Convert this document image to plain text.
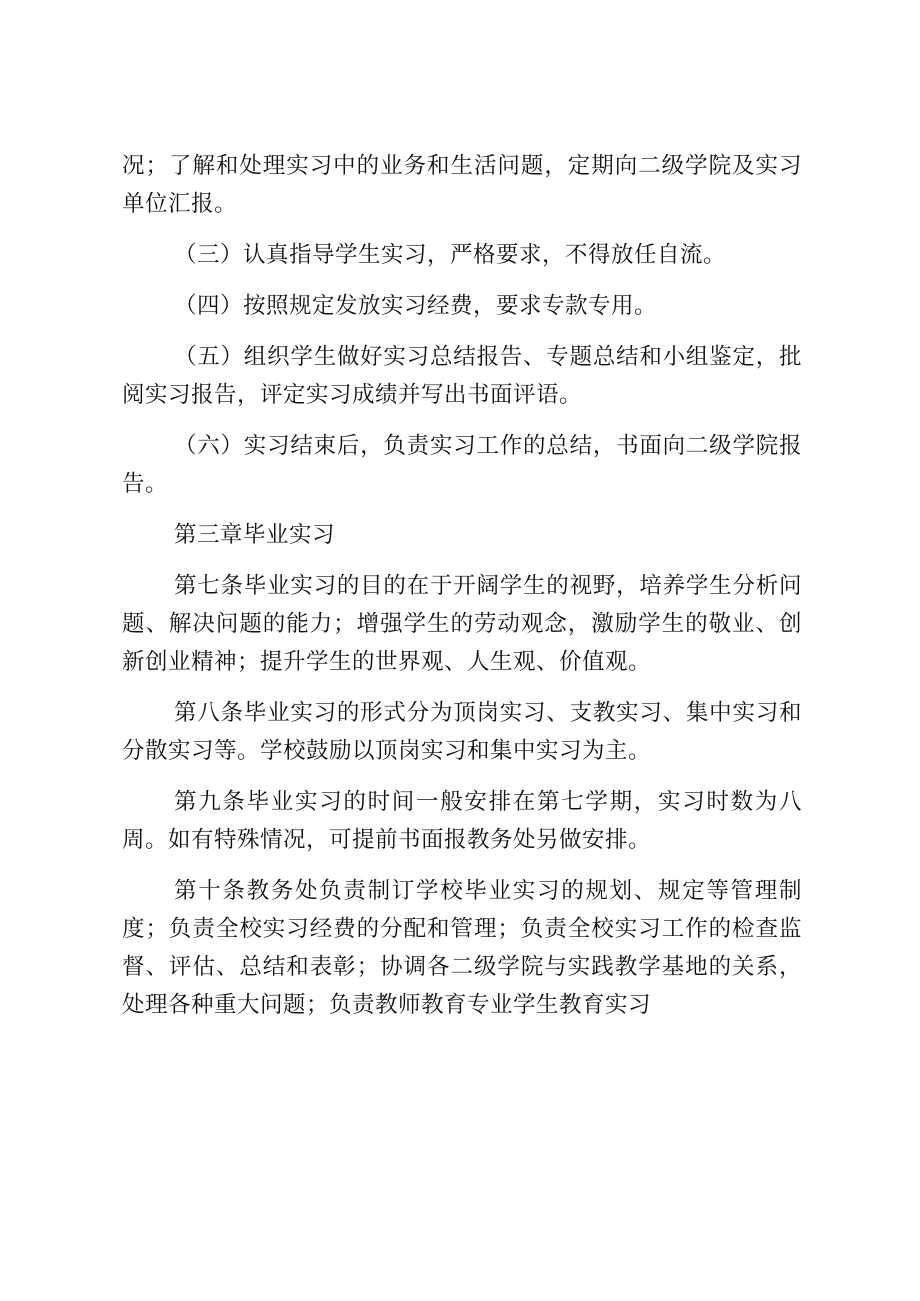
况；了解和处理实习中的业务和生活问题，定期向二级学院及实习单位汇报。

（三）认真指导学生实习，严格要求，不得放任自流。

（四）按照规定发放实习经费，要求专款专用。

（五）组织学生做好实习总结报告、专题总结和小组鉴定，批阅实习报告，评定实习成绩并写出书面评语。

（六）实习结束后，负责实习工作的总结，书面向二级学院报告。

第三章毕业实习

第七条毕业实习的目的在于开阔学生的视野，培养学生分析问题、解决问题的能力；增强学生的劳动观念，激励学生的敬业、创新创业精神；提升学生的世界观、人生观、价值观。

第八条毕业实习的形式分为顶岗实习、支教实习、集中实习和分散实习等。学校鼓励以顶岗实习和集中实习为主。

第九条毕业实习的时间一般安排在第七学期，实习时数为八周。如有特殊情况，可提前书面报教务处另做安排。

第十条教务处负责制订学校毕业实习的规划、规定等管理制度；负责全校实习经费的分配和管理；负责全校实习工作的检查监督、评估、总结和表彰；协调各二级学院与实践教学基地的关系，处理各种重大问题；负责教师教育专业学生教育实习
